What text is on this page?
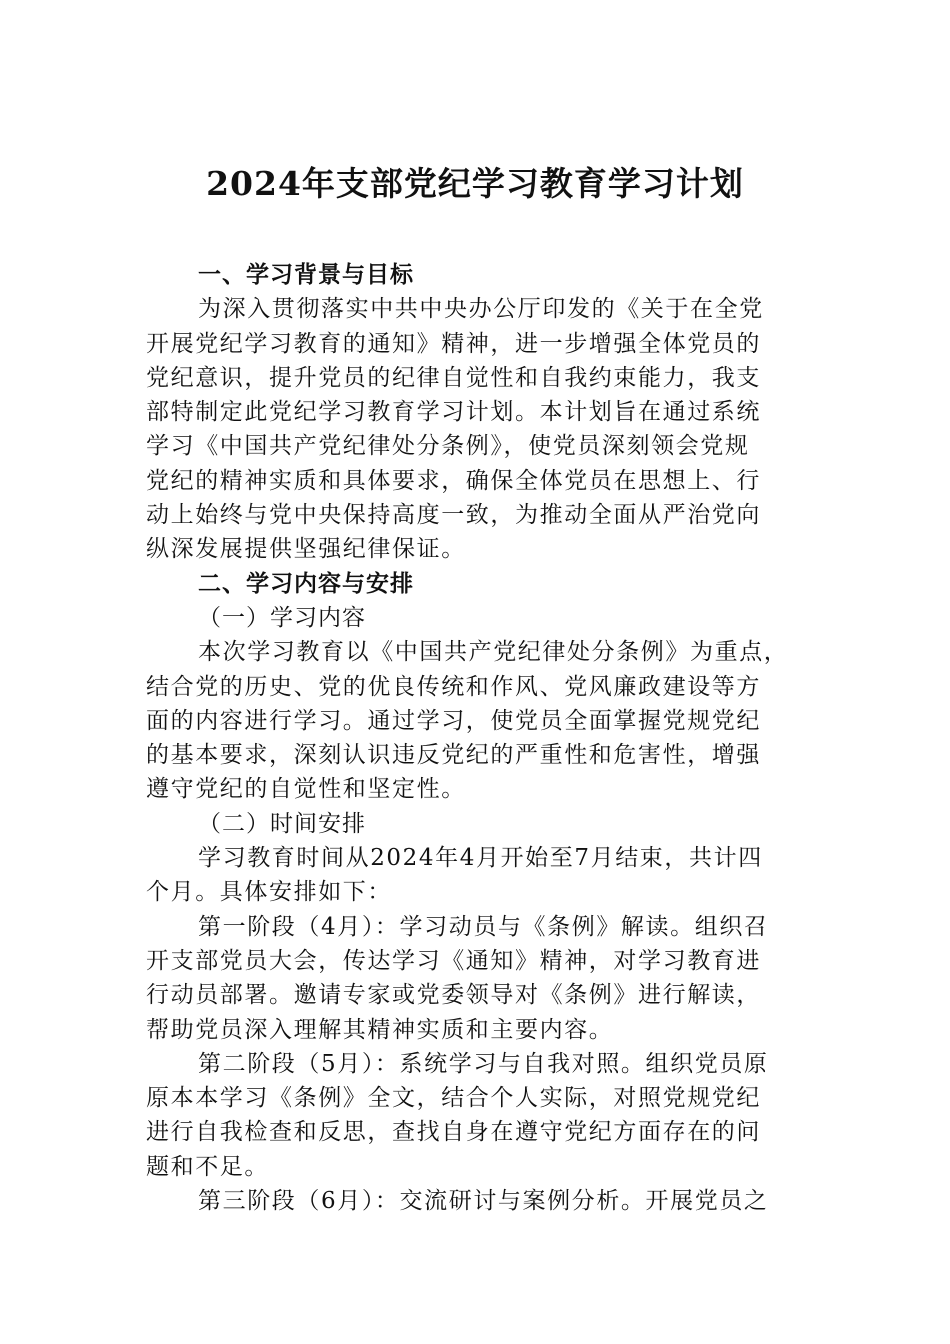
2024年支部党纪学习教育学习计划
一、学习背景与目标
为深入贯彻落实中共中央办公厅印发的《关于在全党
开展党纪学习教育的通知》精神，进一步增强全体党员的
党纪意识，提升党员的纪律自觉性和自我约束能力，我支
部特制定此党纪学习教育学习计划。本计划旨在通过系统
学习《中国共产党纪律处分条例》，使党员深刻领会党规
党纪的精神实质和具体要求，确保全体党员在思想上、行
动上始终与党中央保持高度一致，为推动全面从严治党向
纵深发展提供坚强纪律保证。
二、学习内容与安排
（一）学习内容
本次学习教育以《中国共产党纪律处分条例》为重点，
结合党的历史、党的优良传统和作风、党风廉政建设等方
面的内容进行学习。通过学习，使党员全面掌握党规党纪
的基本要求，深刻认识违反党纪的严重性和危害性，增强
遵守党纪的自觉性和坚定性。
（二）时间安排
学习教育时间从2024年4月开始至7月结束，共计四
个月。具体安排如下：
第一阶段（4月）：学习动员与《条例》解读。组织召
开支部党员大会，传达学习《通知》精神，对学习教育进
行动员部署。邀请专家或党委领导对《条例》进行解读，
帮助党员深入理解其精神实质和主要内容。
第二阶段（5月）：系统学习与自我对照。组织党员原
原本本学习《条例》全文，结合个人实际，对照党规党纪
进行自我检查和反思，查找自身在遵守党纪方面存在的问
题和不足。
第三阶段（6月）：交流研讨与案例分析。开展党员之
